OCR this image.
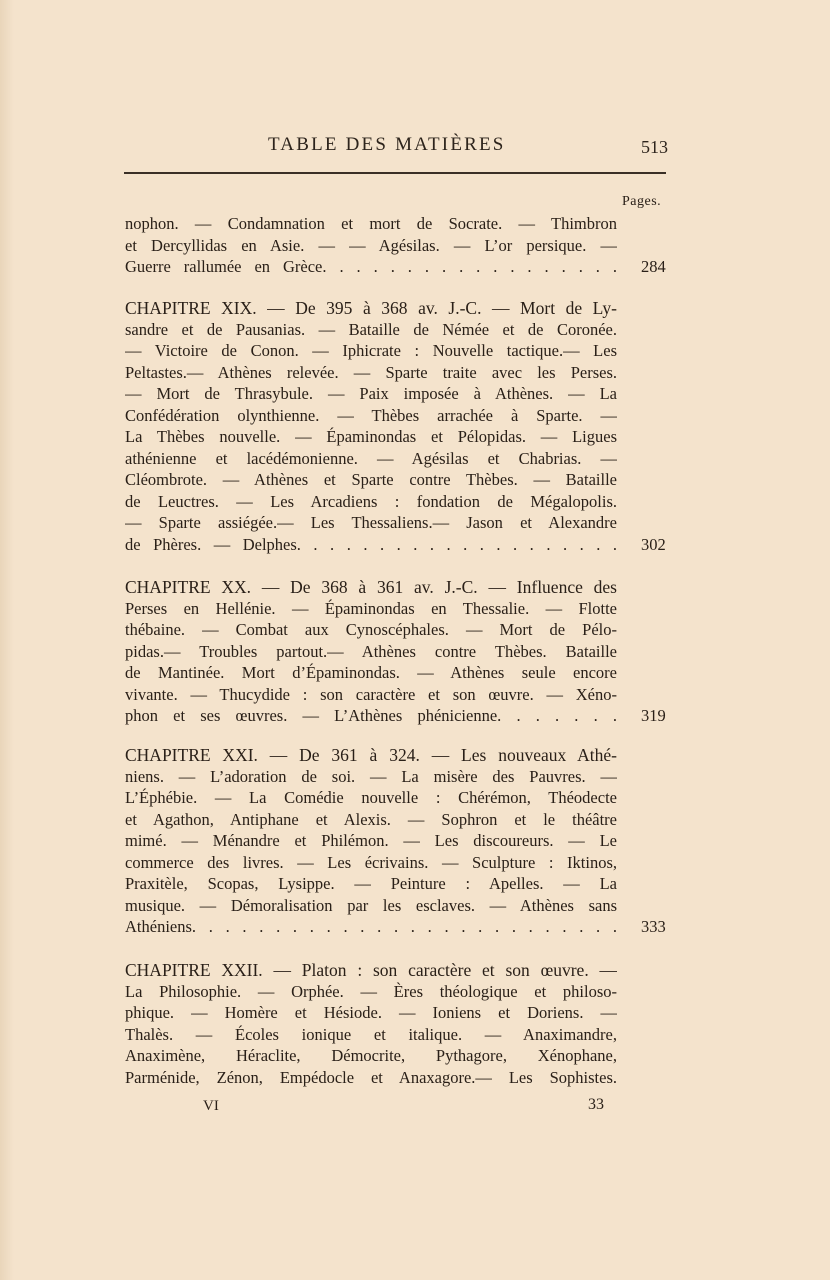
TABLE DES MATIÈRES	513
Pages.
nophon. — Condamnation et mort de Socrate. — Thimbron
et Dercyllidas en Asie. — — Agésilas. — L’or persique. —
Guerre rallumée en Grèce. . . . . . . . . . . . . . . . . . 284
CHAPITRE XIX. — De 395 à 368 av. J.-C. — Mort de Ly-
sandre et de Pausanias. — Bataille de Némée et de Coronée.
— Victoire de Conon. — Iphicrate : Nouvelle tactique.— Les
Peltastes.— Athènes relevée. — Sparte traite avec les Perses.
— Mort de Thrasybule. — Paix imposée à Athènes. — La
Confédération olynthienne. — Thèbes arrachée à Sparte. —
La Thèbes nouvelle. — Épaminondas et Pélopidas. — Ligues
athénienne et lacédémonienne. — Agésilas et Chabrias. —
Cléombrote. — Athènes et Sparte contre Thèbes. — Bataille
de Leuctres. — Les Arcadiens : fondation de Mégalopolis.
— Sparte assiégée.— Les Thessaliens.— Jason et Alexandre
de Phères. — Delphes. . . . . . . . . . . . . . . . . . . . 302
CHAPITRE XX. — De 368 à 361 av. J.-C. — Influence des
Perses en Hellénie. — Épaminondas en Thessalie. — Flotte
thébaine. — Combat aux Cynoscéphales. — Mort de Pélo-
pidas.— Troubles partout.— Athènes contre Thèbes. Bataille
de Mantinée. Mort d’Épaminondas. — Athènes seule encore
vivante. — Thucydide : son caractère et son œuvre. — Xéno-
phon et ses œuvres. — L’Athènes phénicienne. . . . . . . 319
CHAPITRE XXI. — De 361 à 324. — Les nouveaux Athé-
niens. — L’adoration de soi. — La misère des Pauvres. —
L’Éphébie. — La Comédie nouvelle : Chérémon, Théodecte
et Agathon, Antiphane et Alexis. — Sophron et le théâtre
mimé. — Ménandre et Philémon. — Les discoureurs. — Le
commerce des livres. — Les écrivains. — Sculpture : Iktinos,
Praxitèle, Scopas, Lysippe. — Peinture : Apelles. — La
musique. — Démoralisation par les esclaves. — Athènes sans
Athéniens. . . . . . . . . . . . . . . . . . . . . . . . . . 333
CHAPITRE XXII. — Platon : son caractère et son œuvre. —
La Philosophie. — Orphée. — Ères théologique et philoso-
phique. — Homère et Hésiode. — Ioniens et Doriens. —
Thalès. — Écoles ionique et italique. — Anaximandre,
Anaximène, Héraclite, Démocrite, Pythagore, Xénophane,
Parménide, Zénon, Empédocle et Anaxagore.— Les Sophistes.
VI	33
